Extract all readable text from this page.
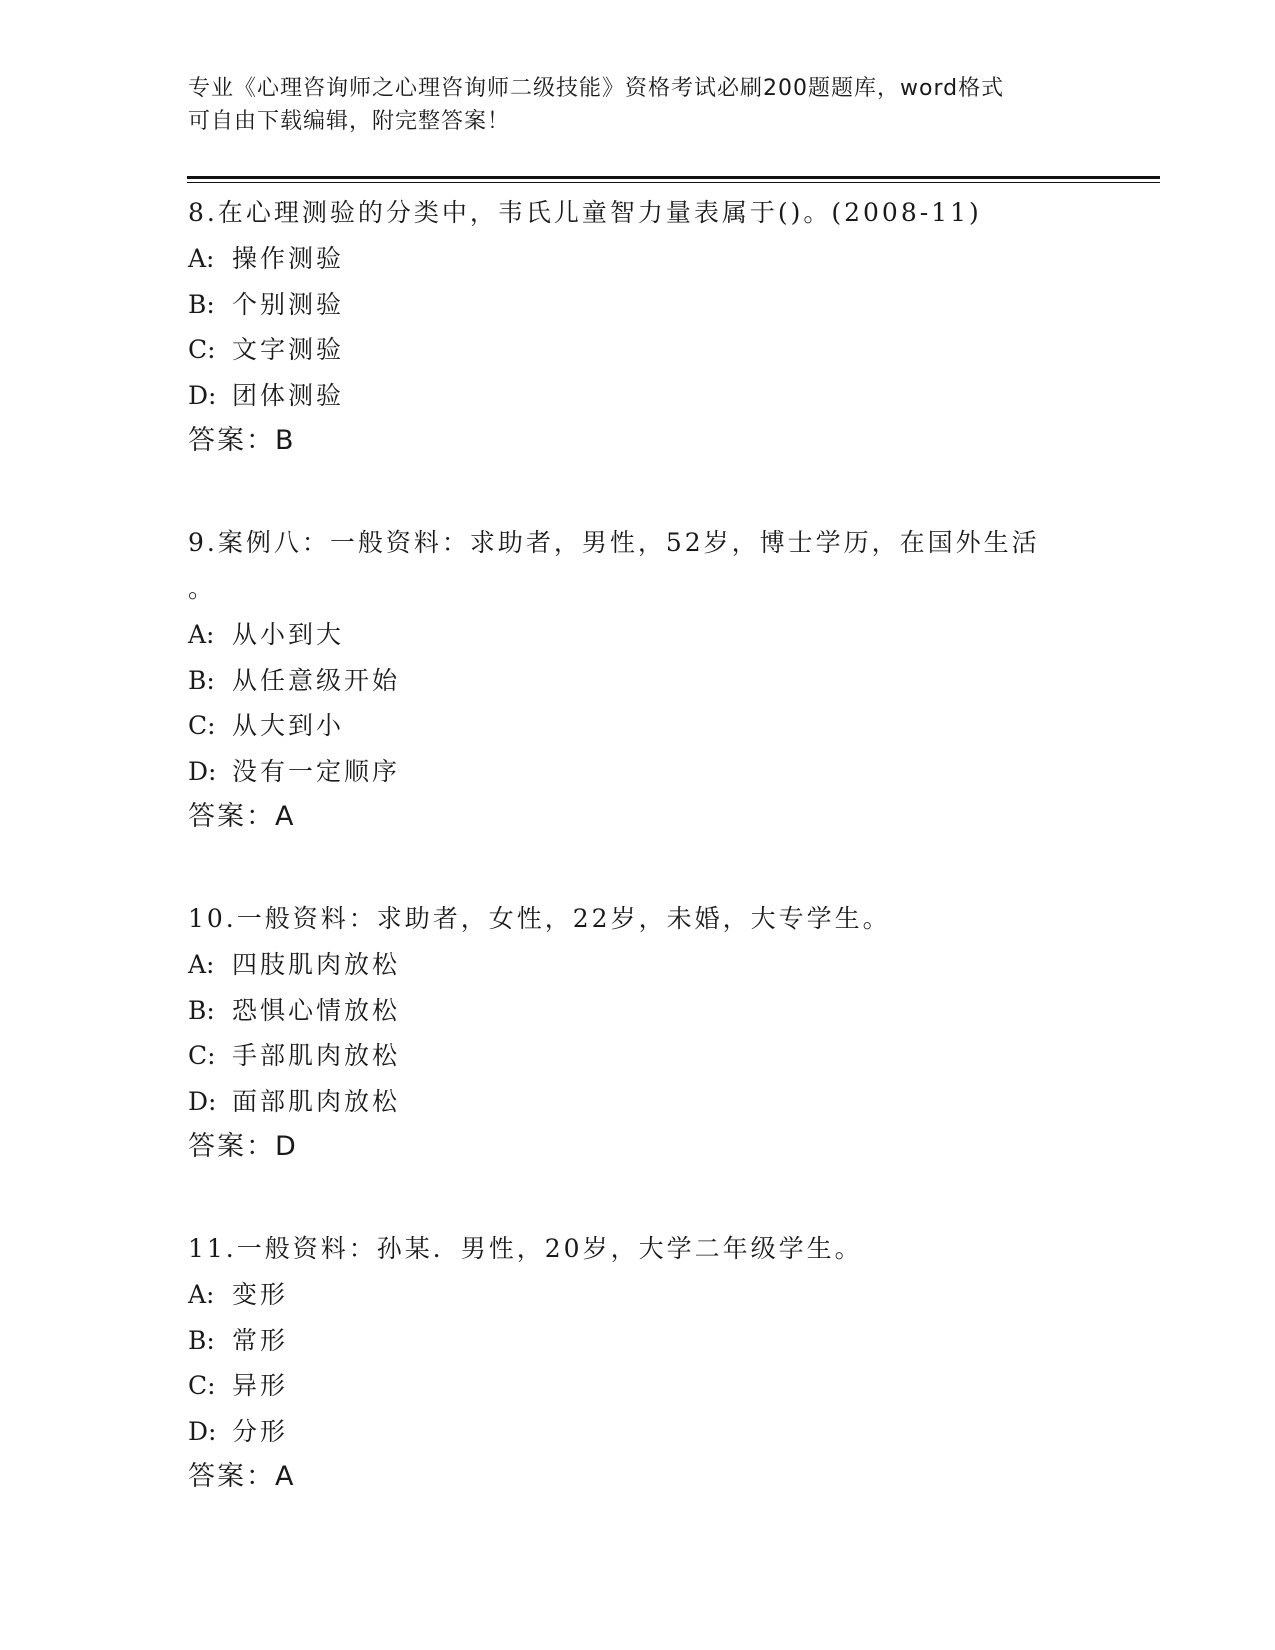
专业《心理咨询师之心理咨询师二级技能》资格考试必刷200题题库，word格式
可自由下载编辑，附完整答案！
8.在心理测验的分类中，韦氏儿童智力量表属于()。(2008-11)
A: 操作测验
B: 个别测验
C: 文字测验
D: 团体测验
答案：B
9.案例八：一般资料：求助者，男性，52岁，博士学历，在国外生活
。
A: 从小到大
B: 从任意级开始
C: 从大到小
D: 没有一定顺序
答案：A
10.一般资料：求助者，女性，22岁，未婚，大专学生。
A: 四肢肌肉放松
B: 恐惧心情放松
C: 手部肌肉放松
D: 面部肌肉放松
答案：D
11.一般资料：孙某．男性，20岁，大学二年级学生。
A: 变形
B: 常形
C: 异形
D: 分形
答案：A
